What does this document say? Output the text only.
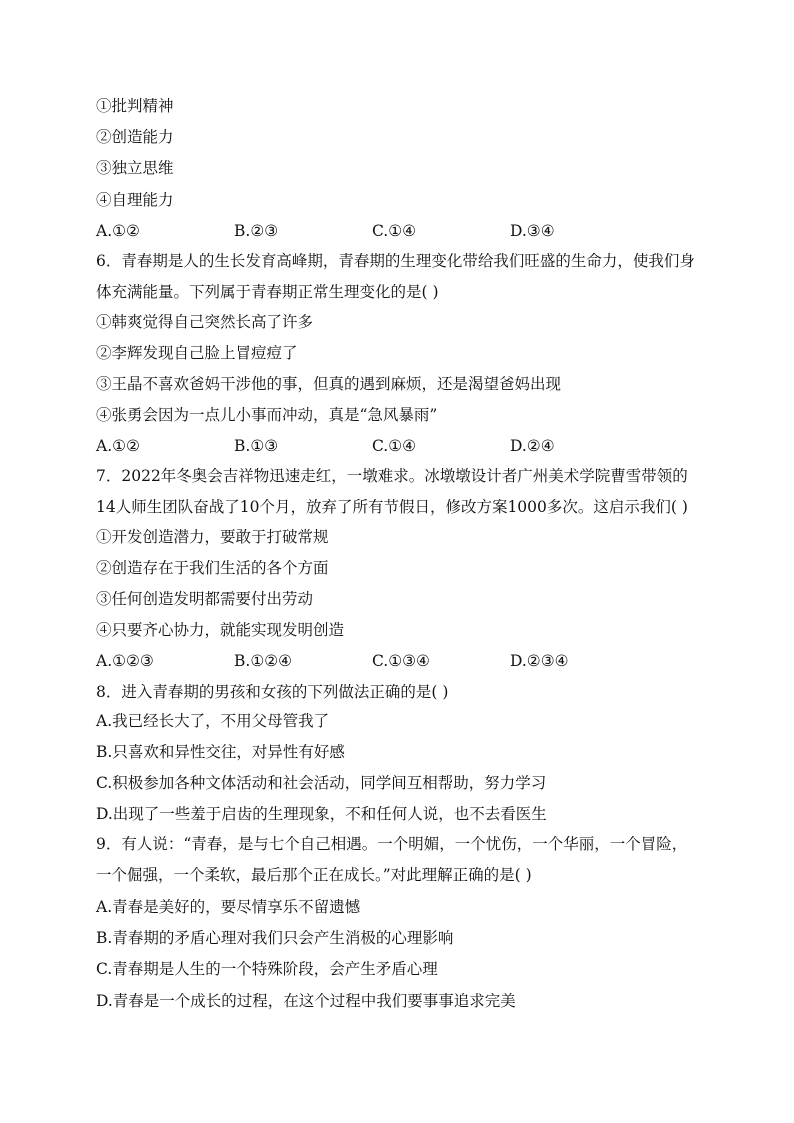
①批判精神
②创造能力
③独立思维
④自理能力
A.①②	B.②③	C.①④	D.③④
6．青春期是人的生长发育高峰期，青春期的生理变化带给我们旺盛的生命力，使我们身体充满能量。下列属于青春期正常生理变化的是( )
①韩爽觉得自己突然长高了许多
②李辉发现自己脸上冒痘痘了
③王晶不喜欢爸妈干涉他的事，但真的遇到麻烦，还是渴望爸妈出现
④张勇会因为一点儿小事而冲动，真是“急风暴雨”
A.①②	B.①③	C.①④	D.②④
7．2022年冬奥会吉祥物迅速走红，一墩难求。冰墩墩设计者广州美术学院曹雪带领的14人师生团队奋战了10个月，放弃了所有节假日，修改方案1000多次。这启示我们( )
①开发创造潜力，要敢于打破常规
②创造存在于我们生活的各个方面
③任何创造发明都需要付出劳动
④只要齐心协力，就能实现发明创造
A.①②③	B.①②④	C.①③④	D.②③④
8．进入青春期的男孩和女孩的下列做法正确的是( )
A.我已经长大了，不用父母管我了
B.只喜欢和异性交往，对异性有好感
C.积极参加各种文体活动和社会活动，同学间互相帮助，努力学习
D.出现了一些羞于启齿的生理现象，不和任何人说，也不去看医生
9．有人说：“青春，是与七个自己相遇。一个明媚，一个忧伤，一个华丽，一个冒险，一个倔强，一个柔软，最后那个正在成长。”对此理解正确的是( )
A.青春是美好的，要尽情享乐不留遗憾
B.青春期的矛盾心理对我们只会产生消极的心理影响
C.青春期是人生的一个特殊阶段，会产生矛盾心理
D.青春是一个成长的过程，在这个过程中我们要事事追求完美
